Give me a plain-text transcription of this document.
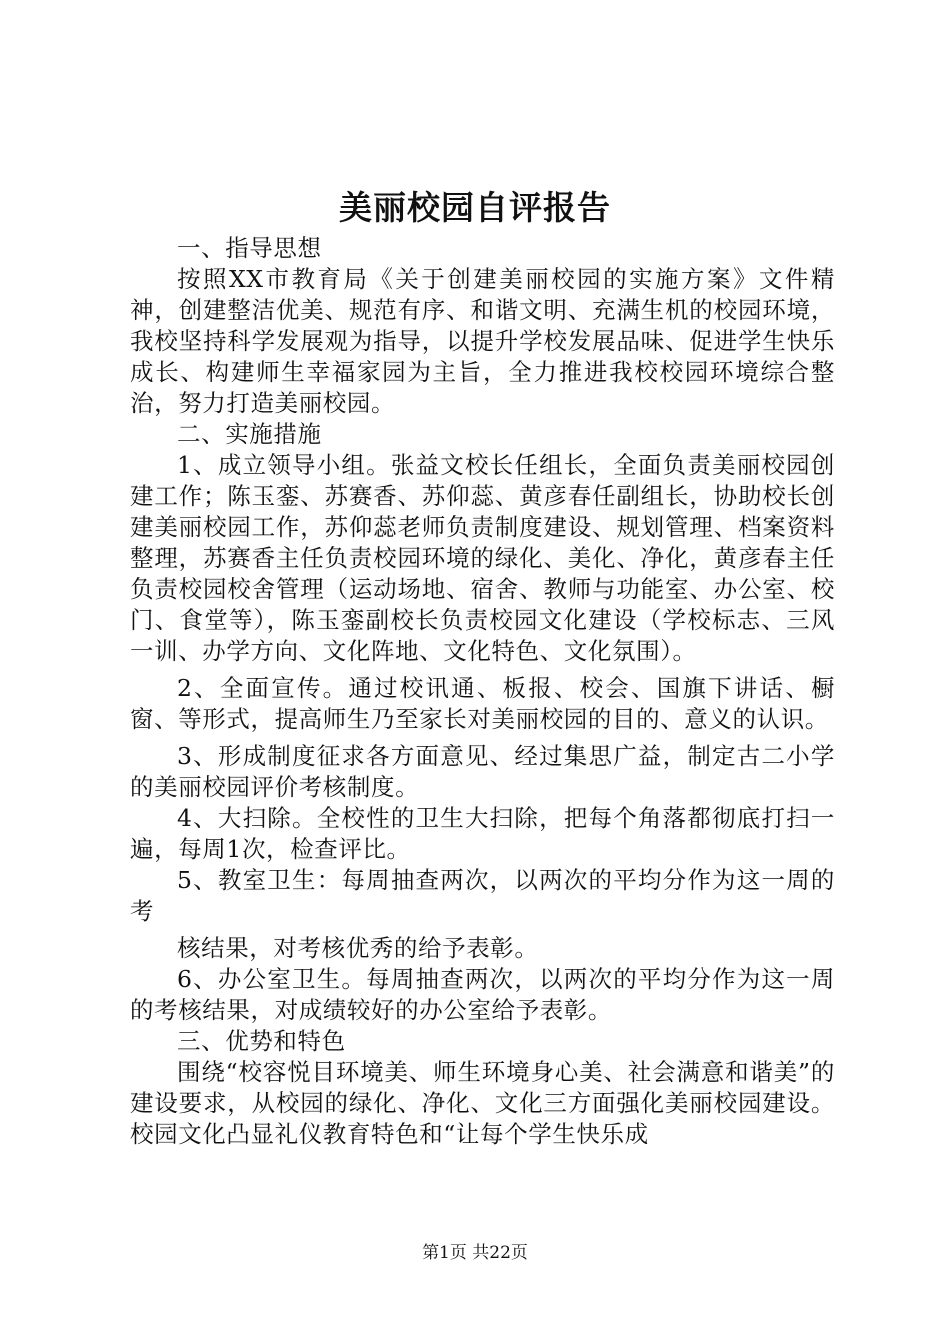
美丽校园自评报告

一、指导思想

按照XX市教育局《关于创建美丽校园的实施方案》文件精神，创建整洁优美、规范有序、和谐文明、充满生机的校园环境，我校坚持科学发展观为指导，以提升学校发展品味、促进学生快乐成长、构建师生幸福家园为主旨，全力推进我校校园环境综合整治，努力打造美丽校园。

二、实施措施

1、成立领导小组。张益文校长任组长，全面负责美丽校园创建工作；陈玉銮、苏赛香、苏仰蕊、黄彦春任副组长，协助校长创建美丽校园工作，苏仰蕊老师负责制度建设、规划管理、档案资料整理，苏赛香主任负责校园环境的绿化、美化、净化，黄彦春主任负责校园校舍管理（运动场地、宿舍、教师与功能室、办公室、校门、食堂等），陈玉銮副校长负责校园文化建设（学校标志、三风一训、办学方向、文化阵地、文化特色、文化氛围）。

2、全面宣传。通过校讯通、板报、校会、国旗下讲话、橱窗、等形式，提高师生乃至家长对美丽校园的目的、意义的认识。

3、形成制度征求各方面意见、经过集思广益，制定古二小学的美丽校园评价考核制度。

4、大扫除。全校性的卫生大扫除，把每个角落都彻底打扫一遍，每周1次，检查评比。

5、教室卫生：每周抽查两次，以两次的平均分作为这一周的考

核结果，对考核优秀的给予表彰。

6、办公室卫生。每周抽查两次，以两次的平均分作为这一周的考核结果，对成绩较好的办公室给予表彰。

三、优势和特色

围绕“校容悦目环境美、师生环境身心美、社会满意和谐美”的建设要求，从校园的绿化、净化、文化三方面强化美丽校园建设。校园文化凸显礼仪教育特色和“让每个学生快乐成

第1页 共22页
